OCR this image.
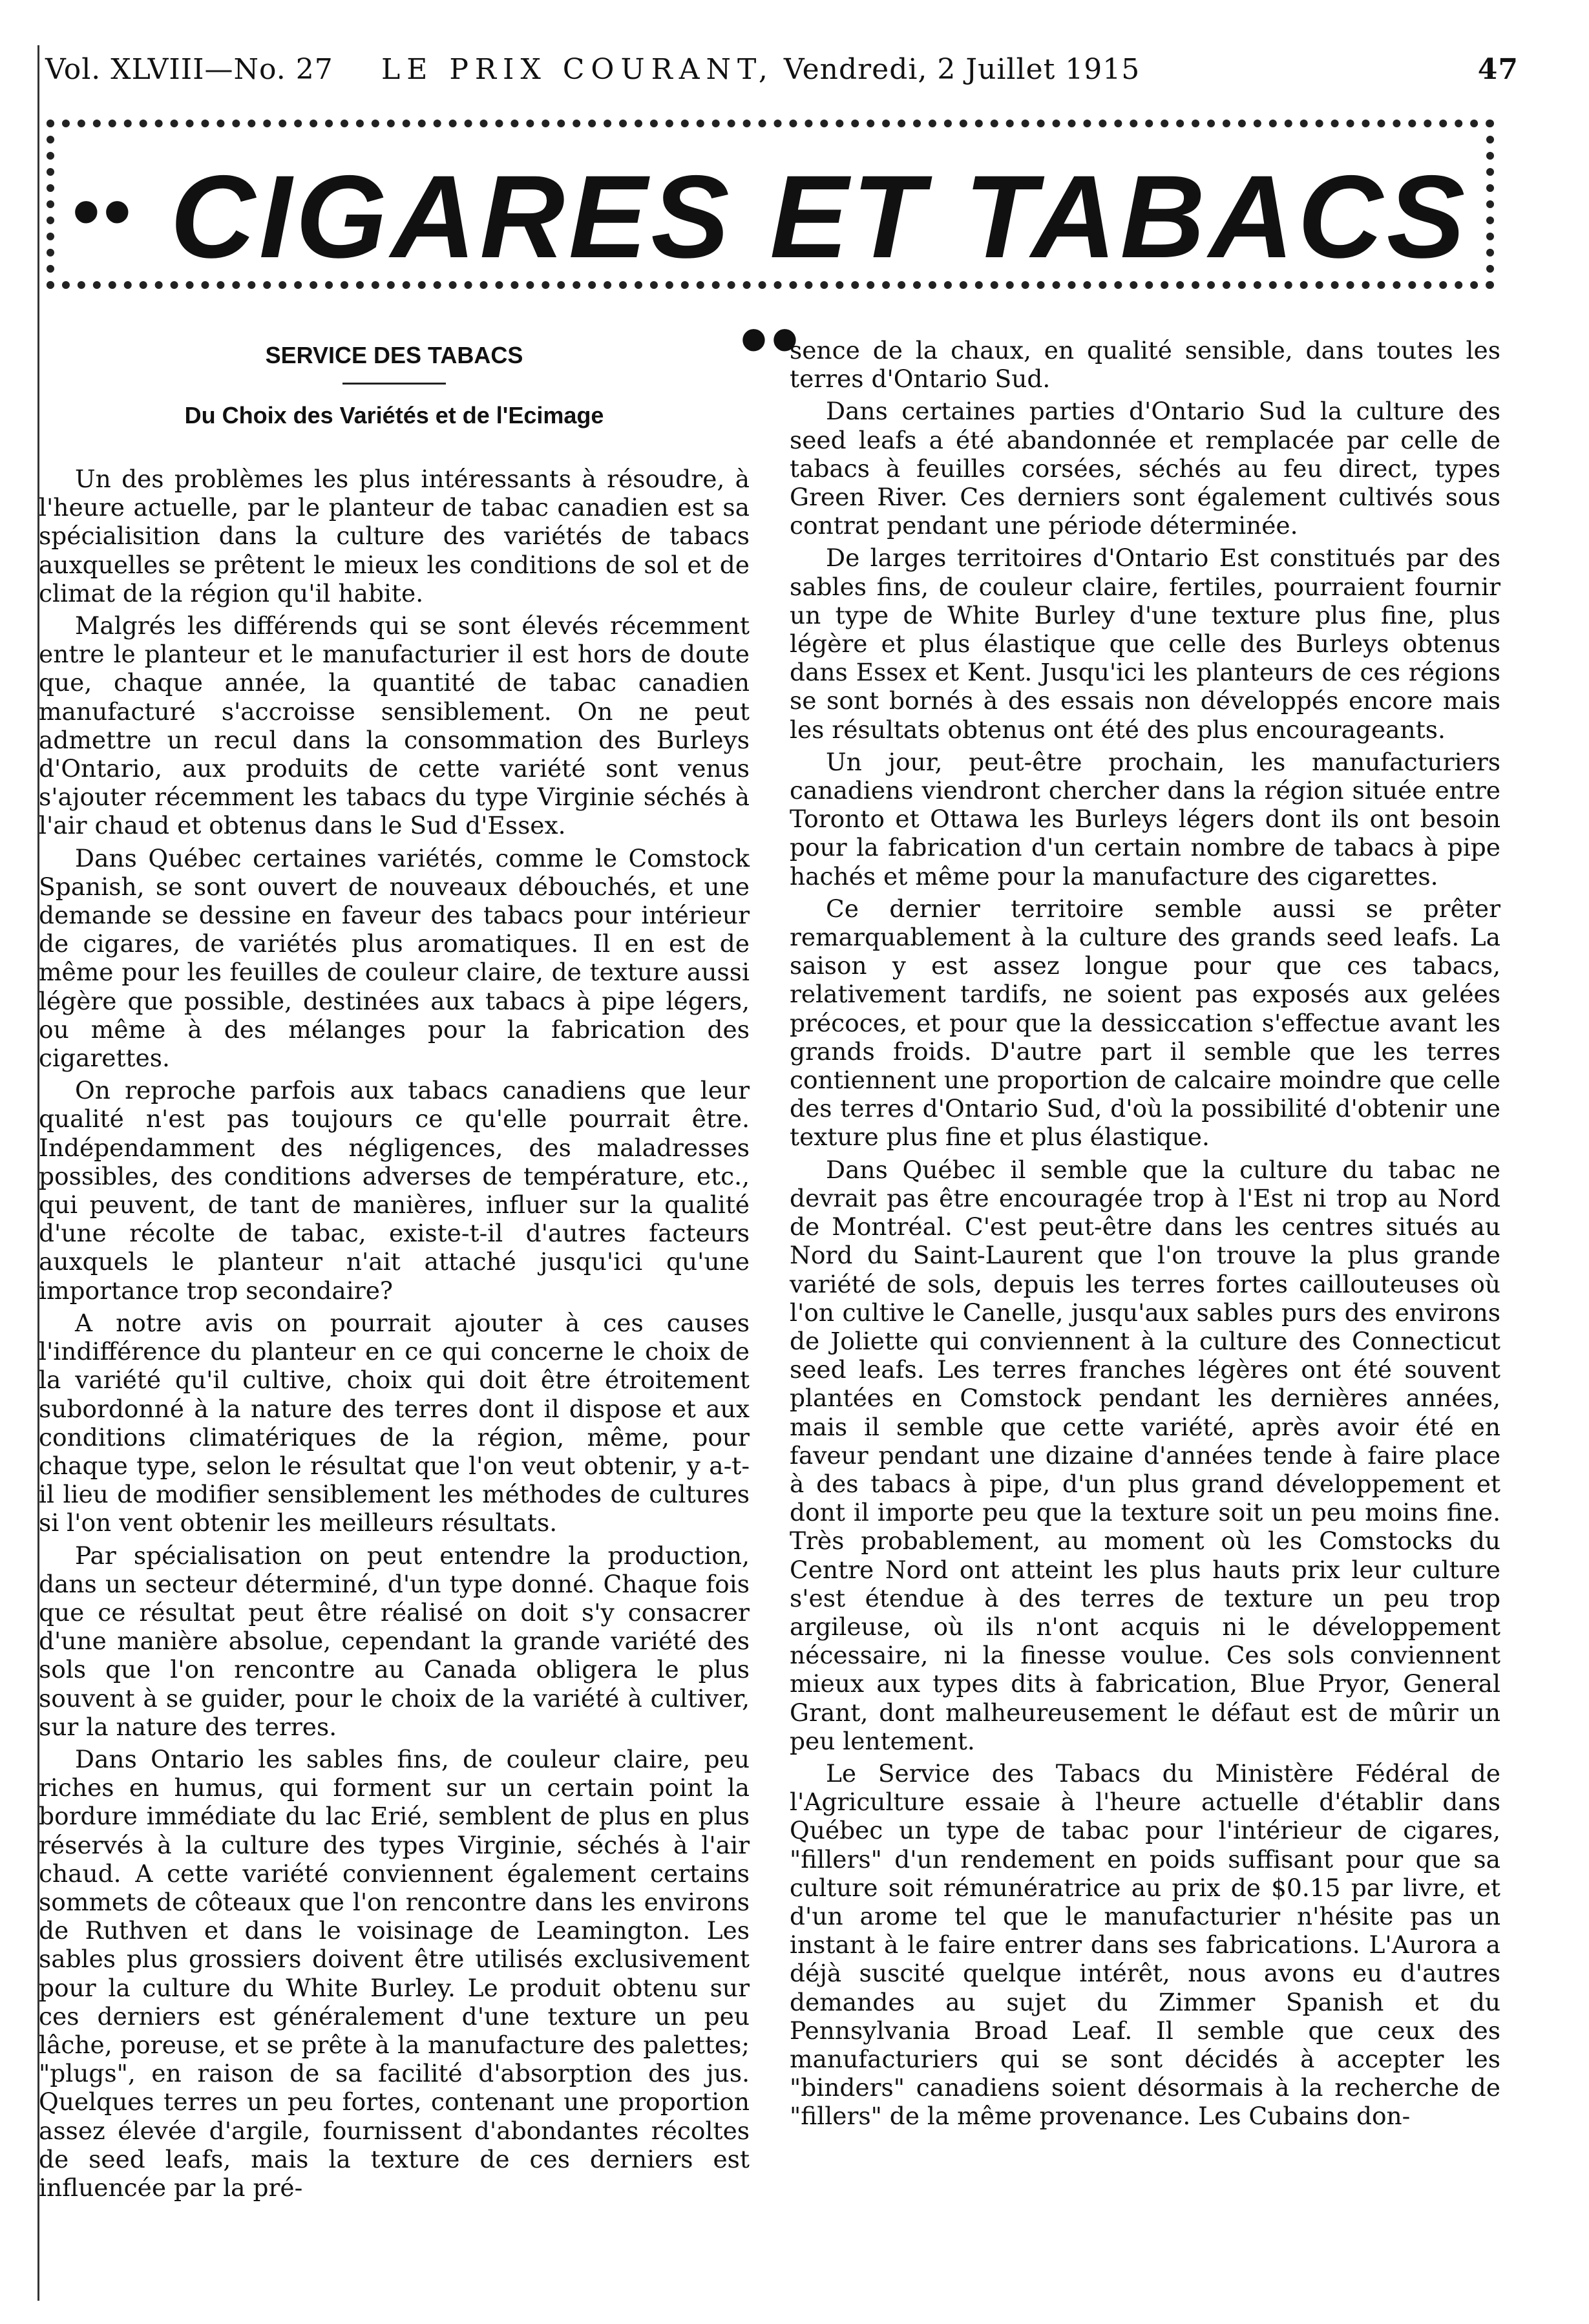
Vol. XLVIII—No. 27 LE PRIX COURANT, Vendredi, 2 Juillet 1915	47
•• CIGARES ET TABACS ••
SERVICE DES TABACS
Du Choix des Variétés et de l'Ecimage

Un des problèmes les plus intéressants à résoudre, à l'heure actuelle, par le planteur de tabac canadien est sa spécialisition dans la culture des variétés de tabacs auxquelles se prêtent le mieux les conditions de sol et de climat de la région qu'il habite.

Malgrés les différends qui se sont élevés récemment entre le planteur et le manufacturier il est hors de doute que, chaque année, la quantité de tabac canadien manufacturé s'accroisse sensiblement. On ne peut admettre un recul dans la consommation des Burleys d'Ontario, aux produits de cette variété sont venus s'ajouter récemment les tabacs du type Virginie séchés à l'air chaud et obtenus dans le Sud d'Essex.

Dans Québec certaines variétés, comme le Comstock Spanish, se sont ouvert de nouveaux débouchés, et une demande se dessine en faveur des tabacs pour intérieur de cigares, de variétés plus aromatiques. Il en est de même pour les feuilles de couleur claire, de texture aussi légère que possible, destinées aux tabacs à pipe légers, ou même à des mélanges pour la fabrication des cigarettes.

On reproche parfois aux tabacs canadiens que leur qualité n'est pas toujours ce qu'elle pourrait être. Indépendamment des négligences, des maladresses possibles, des conditions adverses de température, etc., qui peuvent, de tant de manières, influer sur la qualité d'une récolte de tabac, existe-t-il d'autres facteurs auxquels le planteur n'ait attaché jusqu'ici qu'une importance trop secondaire?

A notre avis on pourrait ajouter à ces causes l'indifférence du planteur en ce qui concerne le choix de la variété qu'il cultive, choix qui doit être étroitement subordonné à la nature des terres dont il dispose et aux conditions climatériques de la région, même, pour chaque type, selon le résultat que l'on veut obtenir, y a-t-il lieu de modifier sensiblement les méthodes de cultures si l'on vent obtenir les meilleurs résultats.

Par spécialisation on peut entendre la production, dans un secteur déterminé, d'un type donné. Chaque fois que ce résultat peut être réalisé on doit s'y consacrer d'une manière absolue, cependant la grande variété des sols que l'on rencontre au Canada obligera le plus souvent à se guider, pour le choix de la variété à cultiver, sur la nature des terres.

Dans Ontario les sables fins, de couleur claire, peu riches en humus, qui forment sur un certain point la bordure immédiate du lac Erié, semblent de plus en plus réservés à la culture des types Virginie, séchés à l'air chaud. A cette variété conviennent également certains sommets de côteaux que l'on rencontre dans les environs de Ruthven et dans le voisinage de Leamington. Les sables plus grossiers doivent être utilisés exclusivement pour la culture du White Burley. Le produit obtenu sur ces derniers est généralement d'une texture un peu lâche, poreuse, et se prête à la manufacture des palettes; "plugs", en raison de sa facilité d'absorption des jus. Quelques terres un peu fortes, contenant une proportion assez élevée d'argile, fournissent d'abondantes récoltes de seed leafs, mais la texture de ces derniers est influencée par la pré-

sence de la chaux, en qualité sensible, dans toutes les terres d'Ontario Sud.

Dans certaines parties d'Ontario Sud la culture des seed leafs a été abandonnée et remplacée par celle de tabacs à feuilles corsées, séchés au feu direct, types Green River. Ces derniers sont également cultivés sous contrat pendant une période déterminée.

De larges territoires d'Ontario Est constitués par des sables fins, de couleur claire, fertiles, pourraient fournir un type de White Burley d'une texture plus fine, plus légère et plus élastique que celle des Burleys obtenus dans Essex et Kent. Jusqu'ici les planteurs de ces régions se sont bornés à des essais non développés encore mais les résultats obtenus ont été des plus encourageants.

Un jour, peut-être prochain, les manufacturiers canadiens viendront chercher dans la région située entre Toronto et Ottawa les Burleys légers dont ils ont besoin pour la fabrication d'un certain nombre de tabacs à pipe hachés et même pour la manufacture des cigarettes.

Ce dernier territoire semble aussi se prêter remarquablement à la culture des grands seed leafs. La saison y est assez longue pour que ces tabacs, relativement tardifs, ne soient pas exposés aux gelées précoces, et pour que la dessiccation s'effectue avant les grands froids. D'autre part il semble que les terres contiennent une proportion de calcaire moindre que celle des terres d'Ontario Sud, d'où la possibilité d'obtenir une texture plus fine et plus élastique.

Dans Québec il semble que la culture du tabac ne devrait pas être encouragée trop à l'Est ni trop au Nord de Montréal. C'est peut-être dans les centres situés au Nord du Saint-Laurent que l'on trouve la plus grande variété de sols, depuis les terres fortes caillouteuses où l'on cultive le Canelle, jusqu'aux sables purs des environs de Joliette qui conviennent à la culture des Connecticut seed leafs. Les terres franches légères ont été souvent plantées en Comstock pendant les dernières années, mais il semble que cette variété, après avoir été en faveur pendant une dizaine d'années tende à faire place à des tabacs à pipe, d'un plus grand développement et dont il importe peu que la texture soit un peu moins fine. Très probablement, au moment où les Comstocks du Centre Nord ont atteint les plus hauts prix leur culture s'est étendue à des terres de texture un peu trop argileuse, où ils n'ont acquis ni le développement nécessaire, ni la finesse voulue. Ces sols conviennent mieux aux types dits à fabrication, Blue Pryor, General Grant, dont malheureusement le défaut est de mûrir un peu lentement.

Le Service des Tabacs du Ministère Fédéral de l'Agriculture essaie à l'heure actuelle d'établir dans Québec un type de tabac pour l'intérieur de cigares, "fillers" d'un rendement en poids suffisant pour que sa culture soit rémunératrice au prix de $0.15 par livre, et d'un arome tel que le manufacturier n'hésite pas un instant à le faire entrer dans ses fabrications. L'Aurora a déjà suscité quelque intérêt, nous avons eu d'autres demandes au sujet du Zimmer Spanish et du Pennsylvania Broad Leaf. Il semble que ceux des manufacturiers qui se sont décidés à accepter les "binders" canadiens soient désormais à la recherche de "fillers" de la même provenance. Les Cubains don-
